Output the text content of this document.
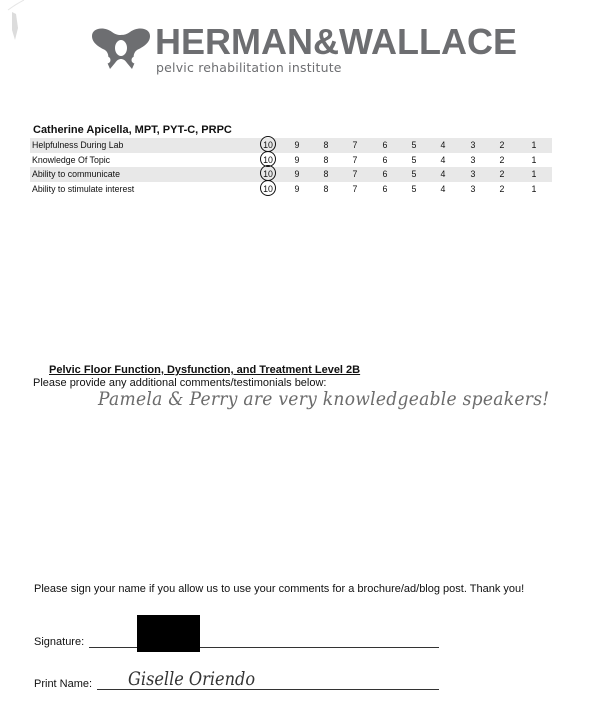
HERMAN&WALLACE
pelvic rehabilitation institute
Catherine Apicella, MPT, PYT-C, PRPC
Helpfulness During Lab	10	9	8	7	6	5	4	3	2	1
Knowledge Of Topic	10	9	8	7	6	5	4	3	2	1
Ability to communicate	10	9	8	7	6	5	4	3	2	1
Ability to stimulate interest	10	9	8	7	6	5	4	3	2	1
Pelvic Floor Function, Dysfunction, and Treatment Level 2B
Please provide any additional comments/testimonials below:
Pamela & Perry are very knowledgeable speakers!
Please sign your name if you allow us to use your comments for a brochure/ad/blog post. Thank you!
Signature:
Print Name: Giselle Oriendo
